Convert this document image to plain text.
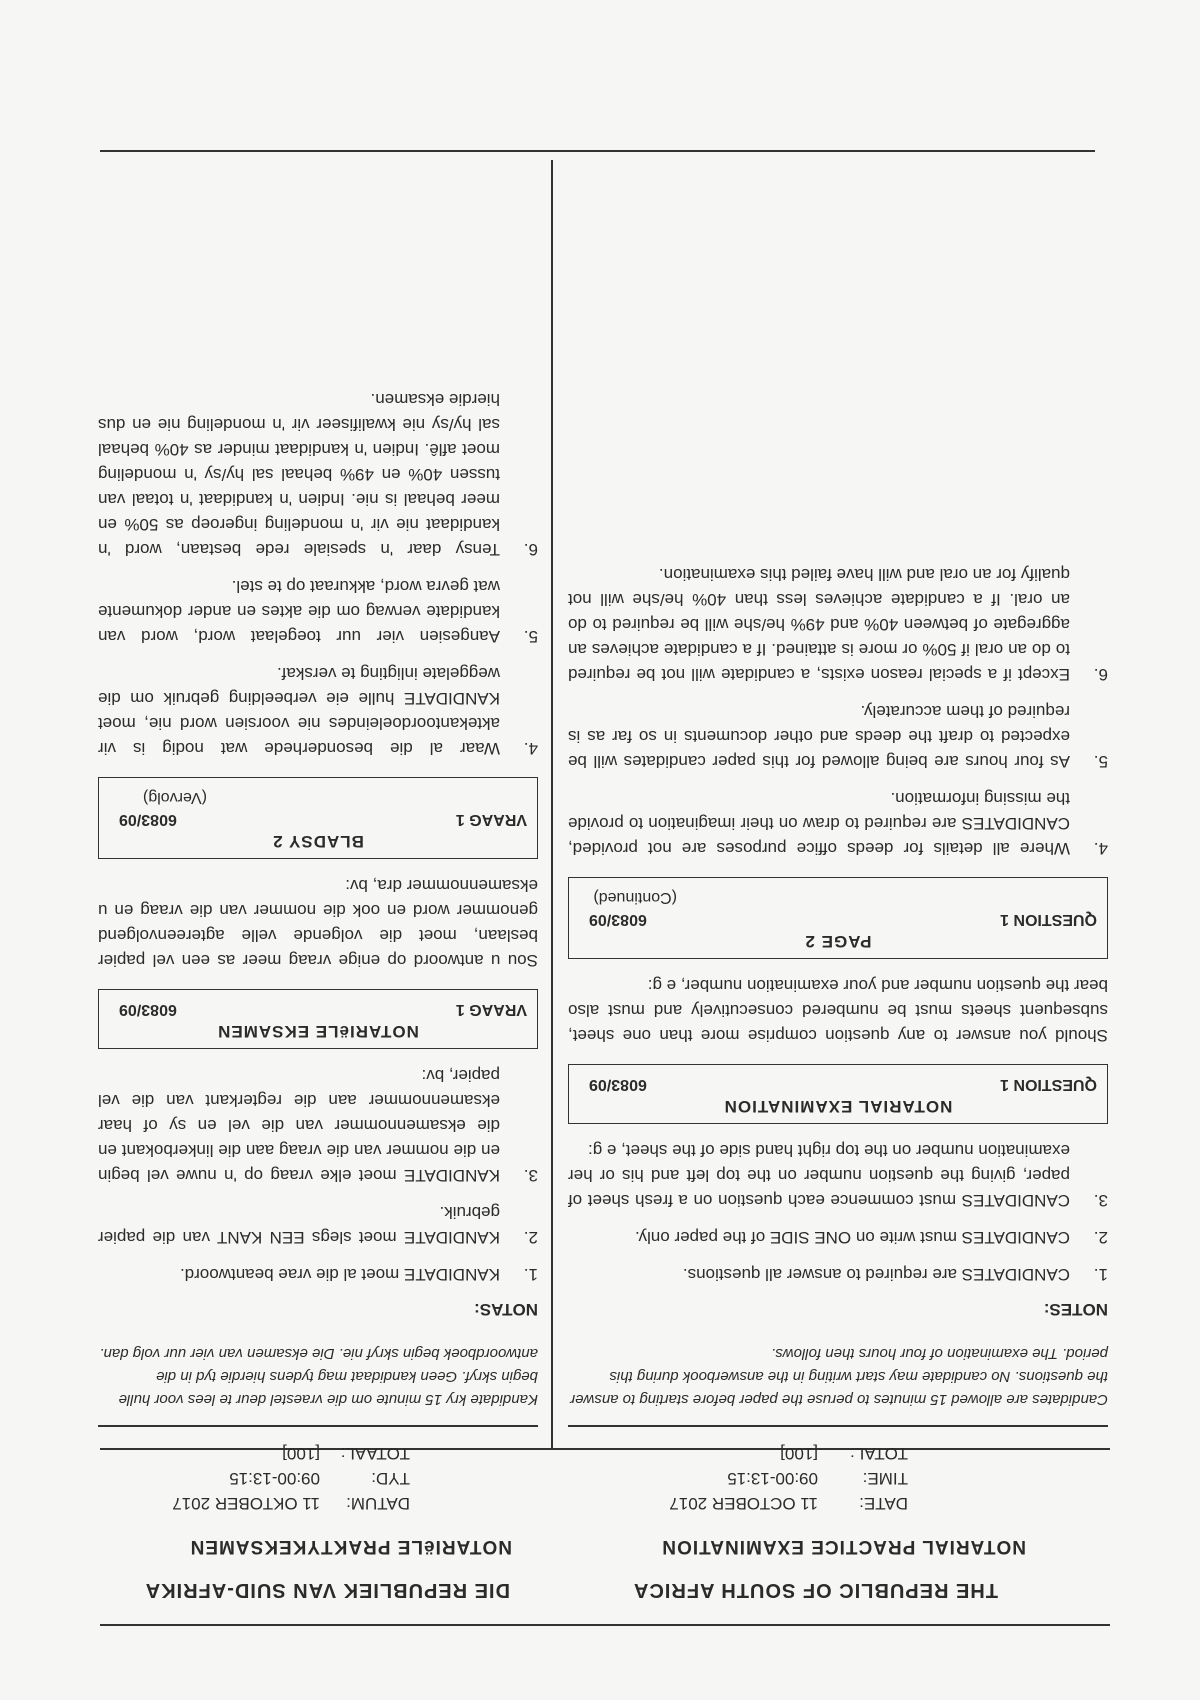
THE REPUBLIC OF SOUTH AFRICA
NOTARIAL PRACTICE EXAMINATION
DATE:
11 OCTOBER 2017
TIME:
09:00-13:15
TOTAL:
[100]
Candidates are allowed 15 minutes to peruse the paper before starting to answer the questions. No candidate may start writing in the answerbook during this period. The examination of four hours then follows.
NOTES:
1.
CANDIDATES are required to answer all questions.
2.
CANDIDATES must write on ONE SIDE of the paper only.
3.
CANDIDATES must commence each question on a fresh sheet of paper, giving the question number on the top left and his or her examination number on the top right hand side of the sheet, e g:
NOTARIAL EXAMINATION
QUESTION 1
6083/09
Should you answer to any question comprise more than one sheet, subsequent sheets must be numbered consecutively and must also bear the question number and your examination number, e g:
PAGE 2
QUESTION 1
6083/09
(Continued)
4.
Where all details for deeds office purposes are not provided, CANDIDATES are required to draw on their imagination to provide the missing information.
5.
As four hours are being allowed for this paper candidates will be expected to draft the deeds and other documents in so far as is required of them accurately.
6.
Except if a special reason exists, a candidate will not be required to do an oral if 50% or more is attained. If a candidate achieves an aggregate of between 40% and 49% he/she will be required to do an oral. If a candidate achieves less than 40% he/she will not qualify for an oral and will have failed this examination.
DIE REPUBLIEK VAN SUID-AFRIKA
NOTARIëLE PRAKTYKEKSAMEN
DATUM:
11 OKTOBER 2017
TYD:
09:00-13:15
TOTAAL:
[100]
Kandidate kry 15 minute om die vraestel deur te lees voor hulle begin skryf. Geen kandidaat mag tydens hierdie tyd in die antwoordboek begin skryf nie. Die eksamen van vier uur volg dan.
NOTAS:
1.
KANDIDATE moet al die vrae beantwoord.
2.
KANDIDATE moet slegs EEN KANT van die papier gebruik.
3.
KANDIDATE moet elke vraag op 'n nuwe vel begin en die nommer van die vraag aan die linkerbokant en die eksamennommer van die vel en sy of haar eksamennommer aan die regterkant van die vel papier, bv:
NOTARIëLE EKSAMEN
VRAAG 1
6083/09
Sou u antwoord op enige vraag meer as een vel papier beslaan, moet die volgende velle agtereenvolgend genommer word en ook die nommer van die vraag en u eksamennommer dra, bv:
BLADSY 2
VRAAG 1
6083/09
(Vervolg)
4.
Waar al die besonderhede wat nodig is vir aktekantoordoeleindes nie voorsien word nie, moet KANDIDATE hulle eie verbeelding gebruik om die weggelate inligting te verskaf.
5.
Aangesien vier uur toegelaat word, word van kandidate verwag om die aktes en ander dokumente wat gevra word, akkuraat op te stel.
6.
Tensy daar 'n spesiale rede bestaan, word 'n kandidaat nie vir 'n mondeling ingeroep as 50% en meer behaal is nie. Indien 'n kandidaat 'n totaal van tussen 40% en 49% behaal sal hy/sy 'n mondeling moet aflê. Indien 'n kandidaat minder as 40% behaal sal hy/sy nie kwalifiseer vir 'n mondeling nie en dus hierdie eksamen.
